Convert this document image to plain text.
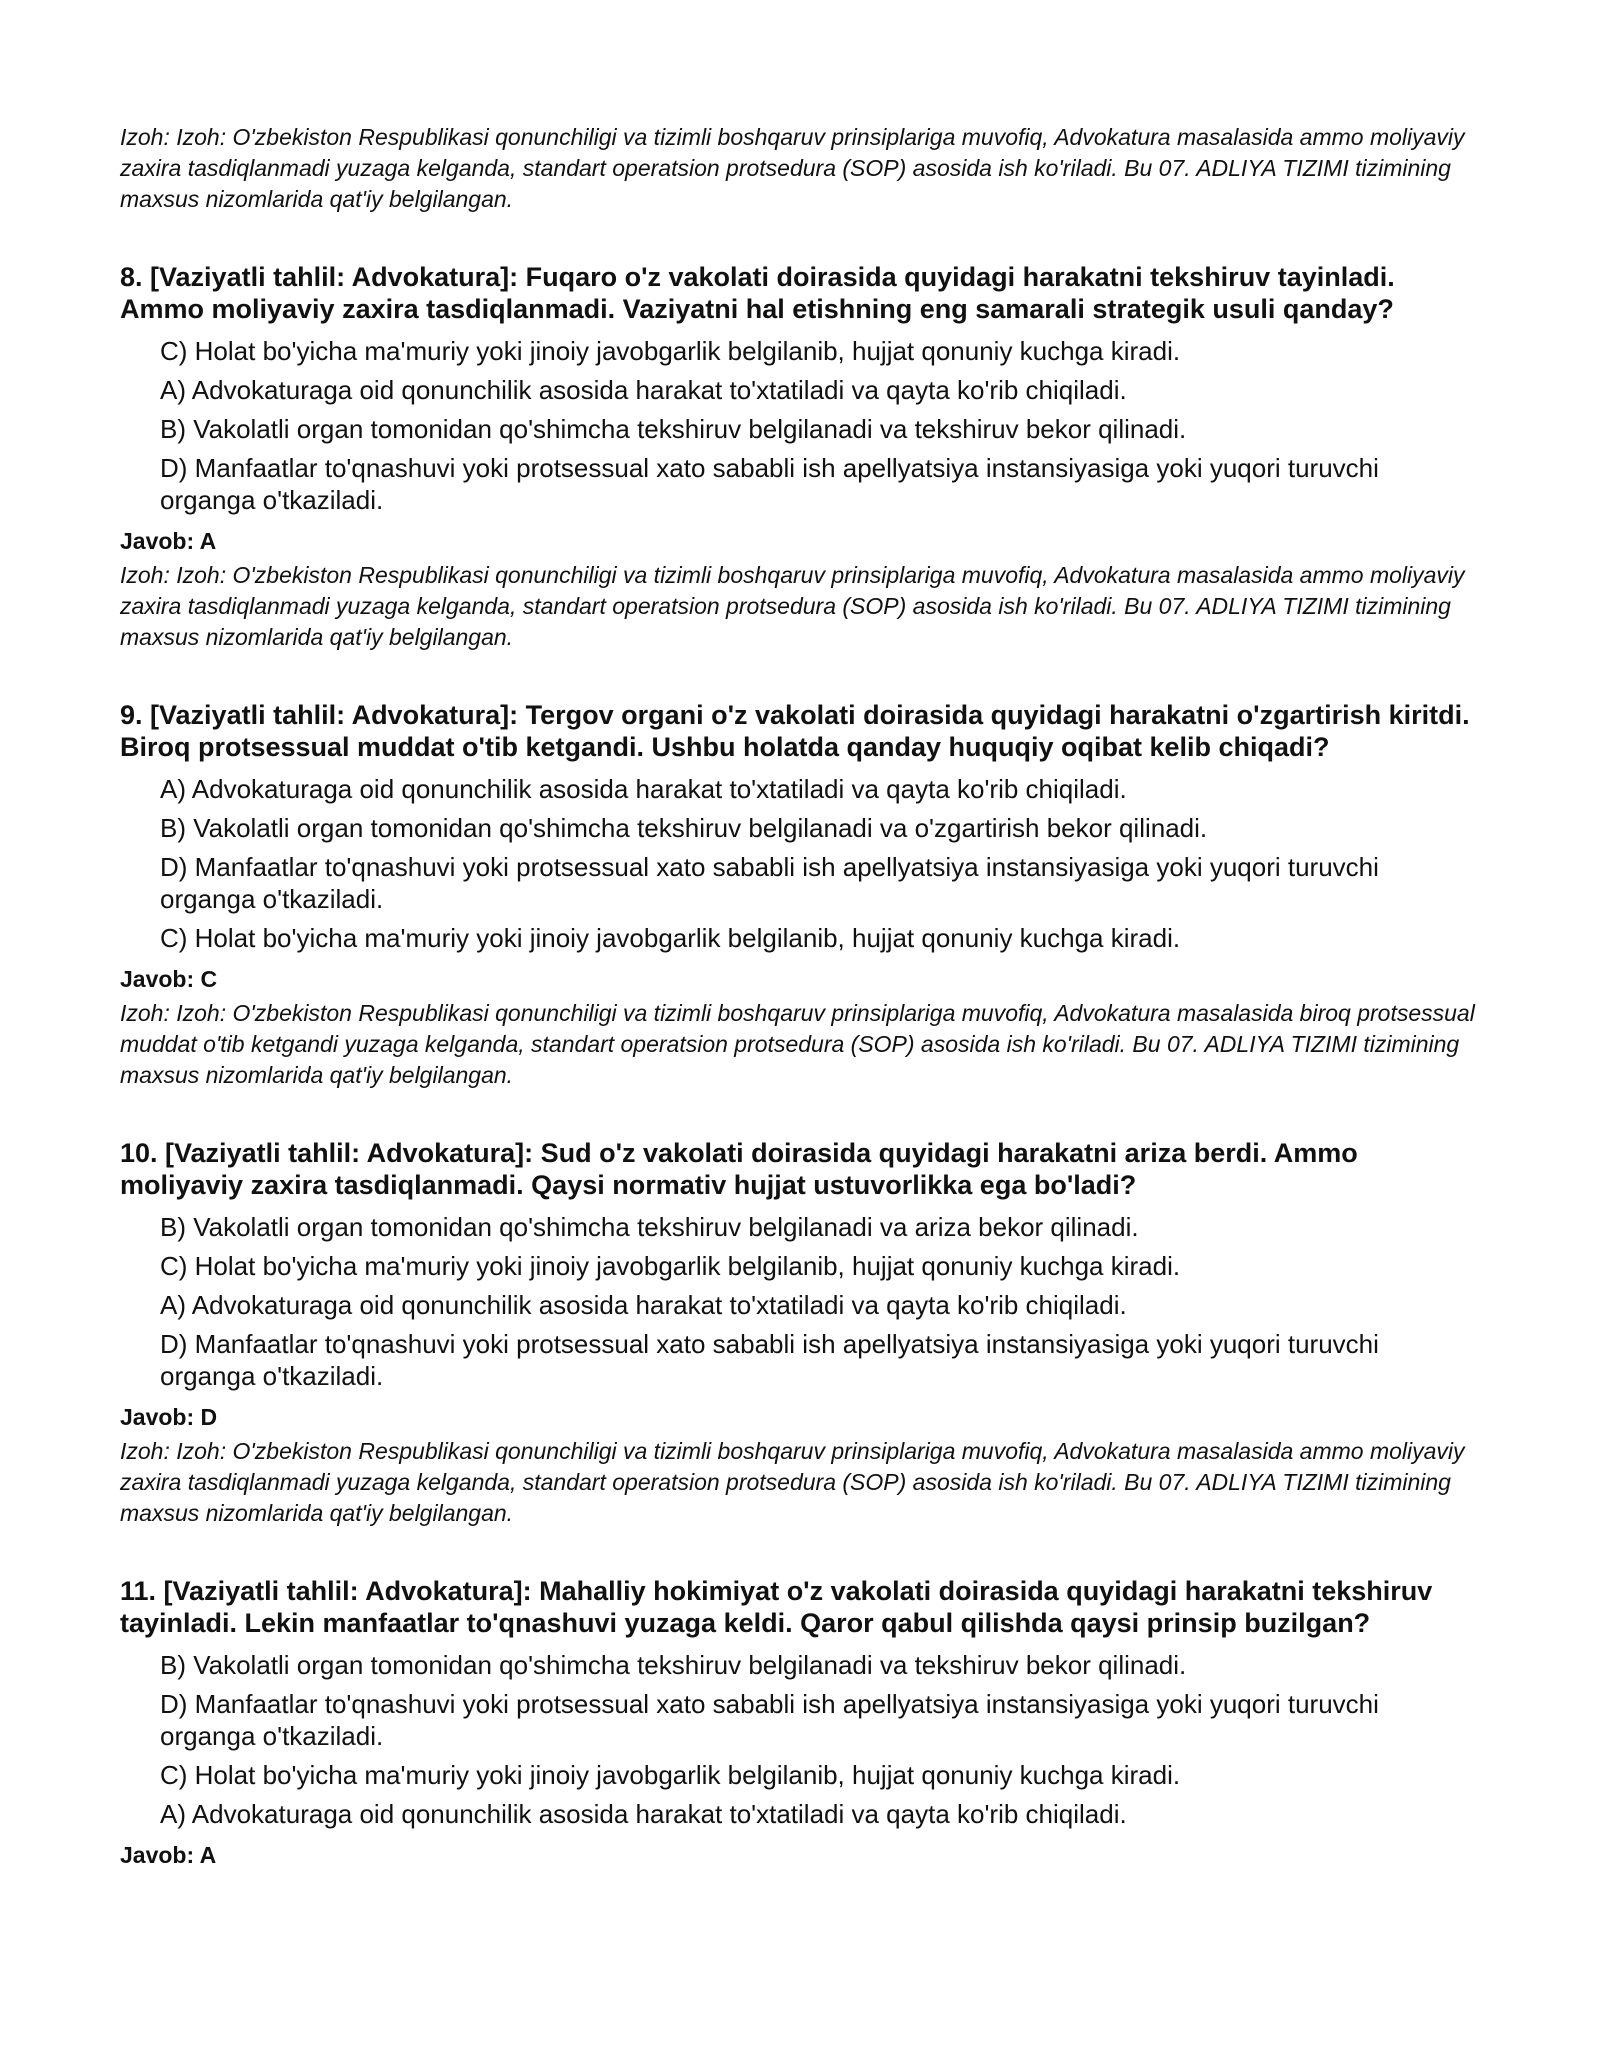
Izoh: Izoh: O'zbekiston Respublikasi qonunchiligi va tizimli boshqaruv prinsiplariga muvofiq, Advokatura masalasida ammo moliyaviy zaxira tasdiqlanmadi yuzaga kelganda, standart operatsion protsedura (SOP) asosida ish ko'riladi. Bu 07. ADLIYA TIZIMI tizimining maxsus nizomlarida qat'iy belgilangan.

8. [Vaziyatli tahlil: Advokatura]: Fuqaro o'z vakolati doirasida quyidagi harakatni tekshiruv tayinladi. Ammo moliyaviy zaxira tasdiqlanmadi. Vaziyatni hal etishning eng samarali strategik usuli qanday?

C) Holat bo'yicha ma'muriy yoki jinoiy javobgarlik belgilanib, hujjat qonuniy kuchga kiradi.
A) Advokaturaga oid qonunchilik asosida harakat to'xtatiladi va qayta ko'rib chiqiladi.
B) Vakolatli organ tomonidan qo'shimcha tekshiruv belgilanadi va tekshiruv bekor qilinadi.
D) Manfaatlar to'qnashuvi yoki protsessual xato sababli ish apellyatsiya instansiyasiga yoki yuqori turuvchi organga o'tkaziladi.

Javob: A

Izoh: Izoh: O'zbekiston Respublikasi qonunchiligi va tizimli boshqaruv prinsiplariga muvofiq, Advokatura masalasida ammo moliyaviy zaxira tasdiqlanmadi yuzaga kelganda, standart operatsion protsedura (SOP) asosida ish ko'riladi. Bu 07. ADLIYA TIZIMI tizimining maxsus nizomlarida qat'iy belgilangan.

9. [Vaziyatli tahlil: Advokatura]: Tergov organi o'z vakolati doirasida quyidagi harakatni o'zgartirish kiritdi. Biroq protsessual muddat o'tib ketgandi. Ushbu holatda qanday huquqiy oqibat kelib chiqadi?

A) Advokaturaga oid qonunchilik asosida harakat to'xtatiladi va qayta ko'rib chiqiladi.
B) Vakolatli organ tomonidan qo'shimcha tekshiruv belgilanadi va o'zgartirish bekor qilinadi.
D) Manfaatlar to'qnashuvi yoki protsessual xato sababli ish apellyatsiya instansiyasiga yoki yuqori turuvchi organga o'tkaziladi.
C) Holat bo'yicha ma'muriy yoki jinoiy javobgarlik belgilanib, hujjat qonuniy kuchga kiradi.

Javob: C

Izoh: Izoh: O'zbekiston Respublikasi qonunchiligi va tizimli boshqaruv prinsiplariga muvofiq, Advokatura masalasida biroq protsessual muddat o'tib ketgandi yuzaga kelganda, standart operatsion protsedura (SOP) asosida ish ko'riladi. Bu 07. ADLIYA TIZIMI tizimining maxsus nizomlarida qat'iy belgilangan.

10. [Vaziyatli tahlil: Advokatura]: Sud o'z vakolati doirasida quyidagi harakatni ariza berdi. Ammo moliyaviy zaxira tasdiqlanmadi. Qaysi normativ hujjat ustuvorlikka ega bo'ladi?

B) Vakolatli organ tomonidan qo'shimcha tekshiruv belgilanadi va ariza bekor qilinadi.
C) Holat bo'yicha ma'muriy yoki jinoiy javobgarlik belgilanib, hujjat qonuniy kuchga kiradi.
A) Advokaturaga oid qonunchilik asosida harakat to'xtatiladi va qayta ko'rib chiqiladi.
D) Manfaatlar to'qnashuvi yoki protsessual xato sababli ish apellyatsiya instansiyasiga yoki yuqori turuvchi organga o'tkaziladi.

Javob: D

Izoh: Izoh: O'zbekiston Respublikasi qonunchiligi va tizimli boshqaruv prinsiplariga muvofiq, Advokatura masalasida ammo moliyaviy zaxira tasdiqlanmadi yuzaga kelganda, standart operatsion protsedura (SOP) asosida ish ko'riladi. Bu 07. ADLIYA TIZIMI tizimining maxsus nizomlarida qat'iy belgilangan.

11. [Vaziyatli tahlil: Advokatura]: Mahalliy hokimiyat o'z vakolati doirasida quyidagi harakatni tekshiruv tayinladi. Lekin manfaatlar to'qnashuvi yuzaga keldi. Qaror qabul qilishda qaysi prinsip buzilgan?

B) Vakolatli organ tomonidan qo'shimcha tekshiruv belgilanadi va tekshiruv bekor qilinadi.
D) Manfaatlar to'qnashuvi yoki protsessual xato sababli ish apellyatsiya instansiyasiga yoki yuqori turuvchi organga o'tkaziladi.
C) Holat bo'yicha ma'muriy yoki jinoiy javobgarlik belgilanib, hujjat qonuniy kuchga kiradi.
A) Advokaturaga oid qonunchilik asosida harakat to'xtatiladi va qayta ko'rib chiqiladi.

Javob: A
